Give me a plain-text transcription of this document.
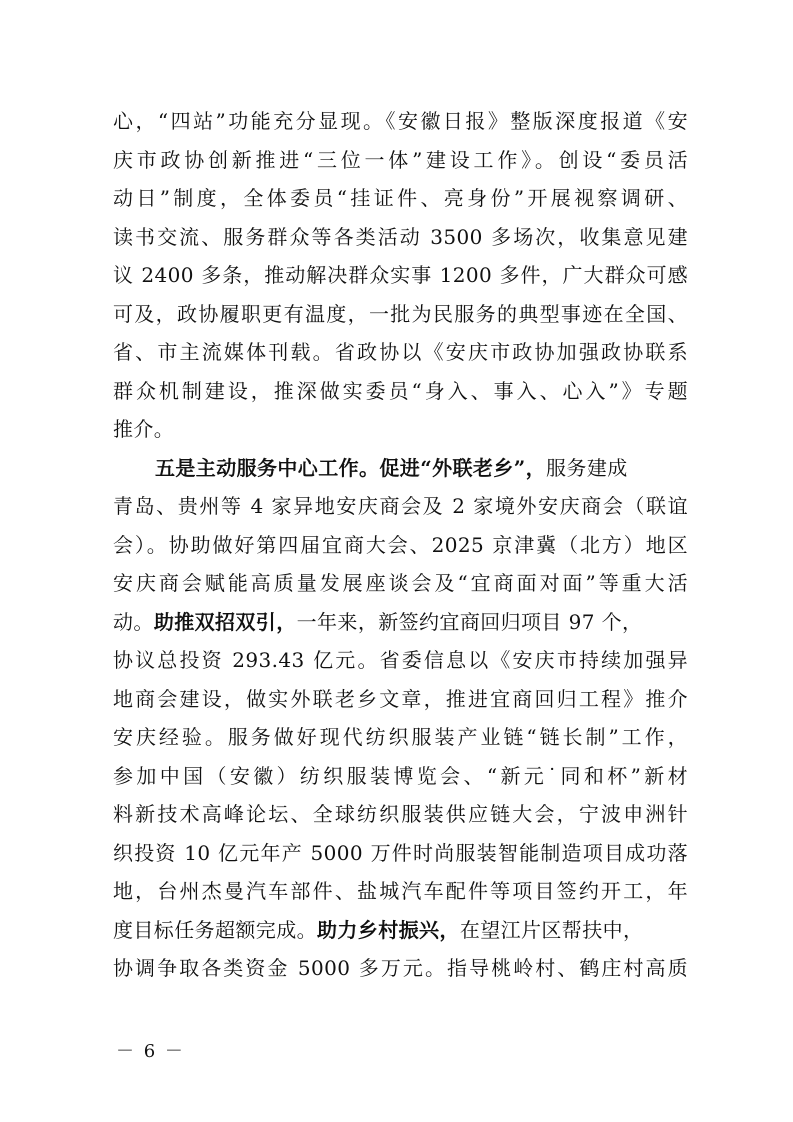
心，“四站”功能充分显现。《安徽日报》整版深度报道《安
庆市政协创新推进“三位一体”建设工作》。创设“委员活
动日”制度，全体委员“挂证件、亮身份”开展视察调研、
读书交流、服务群众等各类活动 3500 多场次，收集意见建
议 2400 多条，推动解决群众实事 1200 多件，广大群众可感
可及，政协履职更有温度，一批为民服务的典型事迹在全国、
省、市主流媒体刊载。省政协以《安庆市政协加强政协联系
群众机制建设，推深做实委员“身入、事入、心入”》专题
推介。
五是主动服务中心工作。促进“外联老乡”，服务建成
青岛、贵州等 4 家异地安庆商会及 2 家境外安庆商会（联谊
会）。协助做好第四届宜商大会、2025 京津冀（北方）地区
安庆商会赋能高质量发展座谈会及“宜商面对面”等重大活
动。助推双招双引，一年来，新签约宜商回归项目 97 个，
协议总投资 293.43 亿元。省委信息以《安庆市持续加强异
地商会建设，做实外联老乡文章，推进宜商回归工程》推介
安庆经验。服务做好现代纺织服装产业链“链长制”工作，
参加中国（安徽）纺织服装博览会、“新元˙同和杯”新材
料新技术高峰论坛、全球纺织服装供应链大会，宁波申洲针
织投资 10 亿元年产 5000 万件时尚服装智能制造项目成功落
地，台州杰曼汽车部件、盐城汽车配件等项目签约开工，年
度目标任务超额完成。助力乡村振兴，在望江片区帮扶中，
协调争取各类资金 5000 多万元。指导桃岭村、鹤庄村高质
－ 6 －
